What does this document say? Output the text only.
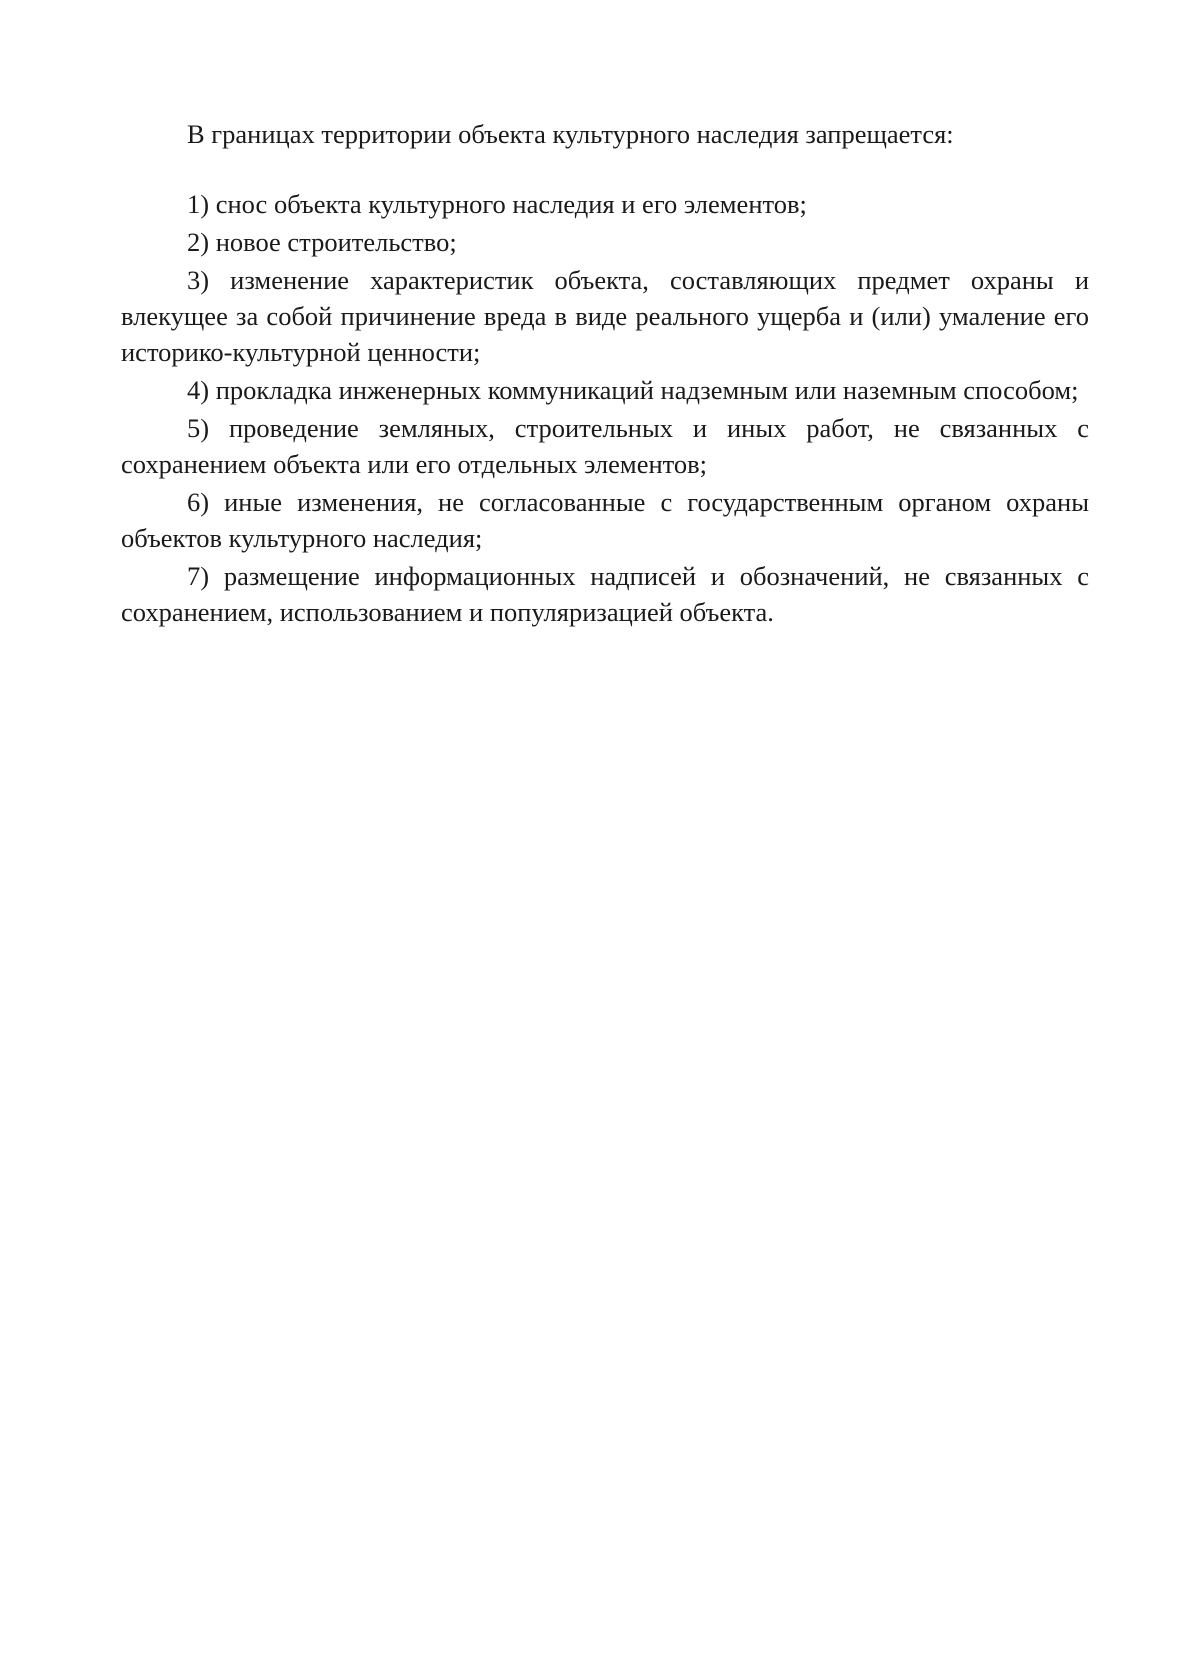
В границах территории объекта культурного наследия запрещается:

1) снос объекта культурного наследия и его элементов;

2) новое строительство;

3) изменение характеристик объекта, составляющих предмет охраны и влекущее за собой причинение вреда в виде реального ущерба и (или) умаление его историко-культурной ценности;

4) прокладка инженерных коммуникаций надземным или наземным способом;

5) проведение земляных, строительных и иных работ, не связанных с сохранением объекта или его отдельных элементов;

6) иные изменения, не согласованные с государственным органом охраны объектов культурного наследия;

7) размещение информационных надписей и обозначений, не связанных с сохранением, использованием и популяризацией объекта.
